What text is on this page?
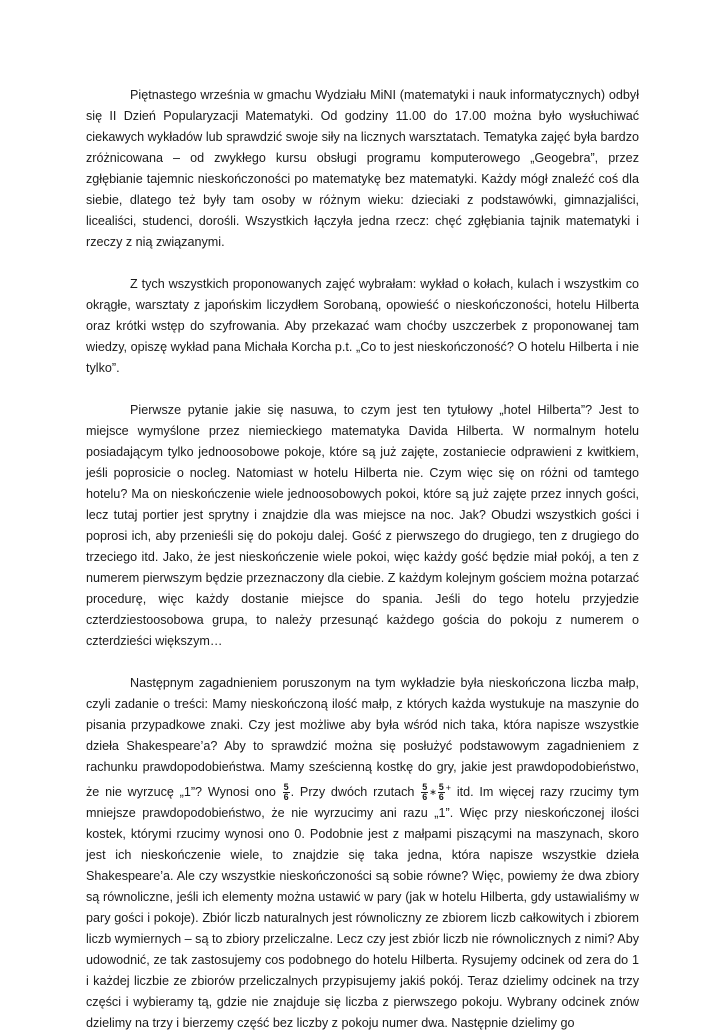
Piętnastego września w gmachu Wydziału MiNI (matematyki i nauk informatycznych) odbył się II Dzień Popularyzacji Matematyki. Od godziny 11.00 do 17.00 można było wysłuchiwać ciekawych wykładów lub sprawdzić swoje siły na licznych warsztatach. Tematyka zajęć była bardzo zróżnicowana – od zwykłego kursu obsługi programu komputerowego „Geogebra”, przez zgłębianie tajemnic nieskończoności po matematykę bez matematyki. Każdy mógł znaleźć coś dla siebie, dlatego też były tam osoby w różnym wieku: dzieciaki z podstawówki, gimnazjaliści, licealiści, studenci, dorośli. Wszystkich łączyła jedna rzecz: chęć zgłębiania tajnik matematyki i rzeczy z nią związanymi.

Z tych wszystkich proponowanych zajęć wybrałam: wykład o kołach, kulach i wszystkim co okrągłe, warsztaty z japońskim liczydłem Sorobaną, opowieść o nieskończoności, hotelu Hilberta oraz krótki wstęp do szyfrowania. Aby przekazać wam choćby uszczerbek z proponowanej tam wiedzy, opiszę wykład pana Michała Korcha p.t. „Co to jest nieskończoność? O hotelu Hilberta i nie tylko”.

Pierwsze pytanie jakie się nasuwa, to czym jest ten tytułowy „hotel Hilberta”? Jest to miejsce wymyślone przez niemieckiego matematyka Davida Hilberta. W normalnym hotelu posiadającym tylko jednoosobowe pokoje, które są już zajęte, zostaniecie odprawieni z kwitkiem, jeśli poprosicie o nocleg. Natomiast w hotelu Hilberta nie. Czym więc się on różni od tamtego hotelu? Ma on nieskończenie wiele jednoosobowych pokoi, które są już zajęte przez innych gości, lecz tutaj portier jest sprytny i znajdzie dla was miejsce na noc. Jak? Obudzi wszystkich gości i poprosi ich, aby przenieśli się do pokoju dalej. Gość z pierwszego do drugiego, ten z drugiego do trzeciego itd. Jako, że jest nieskończenie wiele pokoi, więc każdy gość będzie miał pokój, a ten z numerem pierwszym będzie przeznaczony dla ciebie. Z każdym kolejnym gościem można potarzać procedurę, więc każdy dostanie miejsce do spania. Jeśli do tego hotelu przyjedzie czterdziestoosobowa grupa, to należy przesunąć każdego gościa do pokoju z numerem o czterdzieści większym…

Następnym zagadnieniem poruszonym na tym wykładzie była nieskończona liczba małp, czyli zadanie o treści: Mamy nieskończoną ilość małp, z których każda wystukuje na maszynie do pisania przypadkowe znaki. Czy jest możliwe aby była wśród nich taka, która napisze wszystkie dzieła Shakespeare’a? Aby to sprawdzić można się posłużyć podstawowym zagadnieniem z rachunku prawdopodobieństwa. Mamy sześcienną kostkę do gry, jakie jest prawdopodobieństwo, że nie wyrzucę „1”? Wynosi ono $\frac{5}{6}$ . Przy dwóch rzutach $\frac{5}{6}$ ∗ $\frac{5}{6} ^+$ itd. Im więcej razy rzucimy tym mniejsze prawdopodobieństwo, że nie wyrzucimy ani razu „1”. Więc przy nieskończonej ilości kostek, którymi rzucimy wynosi ono 0. Podobnie jest z małpami piszącymi na maszynach, skoro jest ich nieskończenie wiele, to znajdzie się taka jedna, która napisze wszystkie dzieła Shakespeare’a. Ale czy wszystkie nieskończoności są sobie równe? Więc, powiemy że dwa zbiory są równoliczne, jeśli ich elementy można ustawić w pary (jak w hotelu Hilberta, gdy ustawialiśmy w pary gości i pokoje). Zbiór liczb naturalnych jest równoliczny ze zbiorem liczb całkowitych i zbiorem liczb wymiernych – są to zbiory przeliczalne. Lecz czy jest zbiór liczb nie równolicznych z nimi? Aby udowodnić, ze tak zastosujemy cos podobnego do hotelu Hilberta. Rysujemy odcinek od zera do 1 i każdej liczbie ze zbiorów przeliczalnych przypisujemy jakiś pokój. Teraz dzielimy odcinek na trzy części i wybieramy tą, gdzie nie znajduje się liczba z pierwszego pokoju. Wybrany odcinek znów dzielimy na trzy i bierzemy część bez liczby z pokoju numer dwa. Następnie dzielimy go
